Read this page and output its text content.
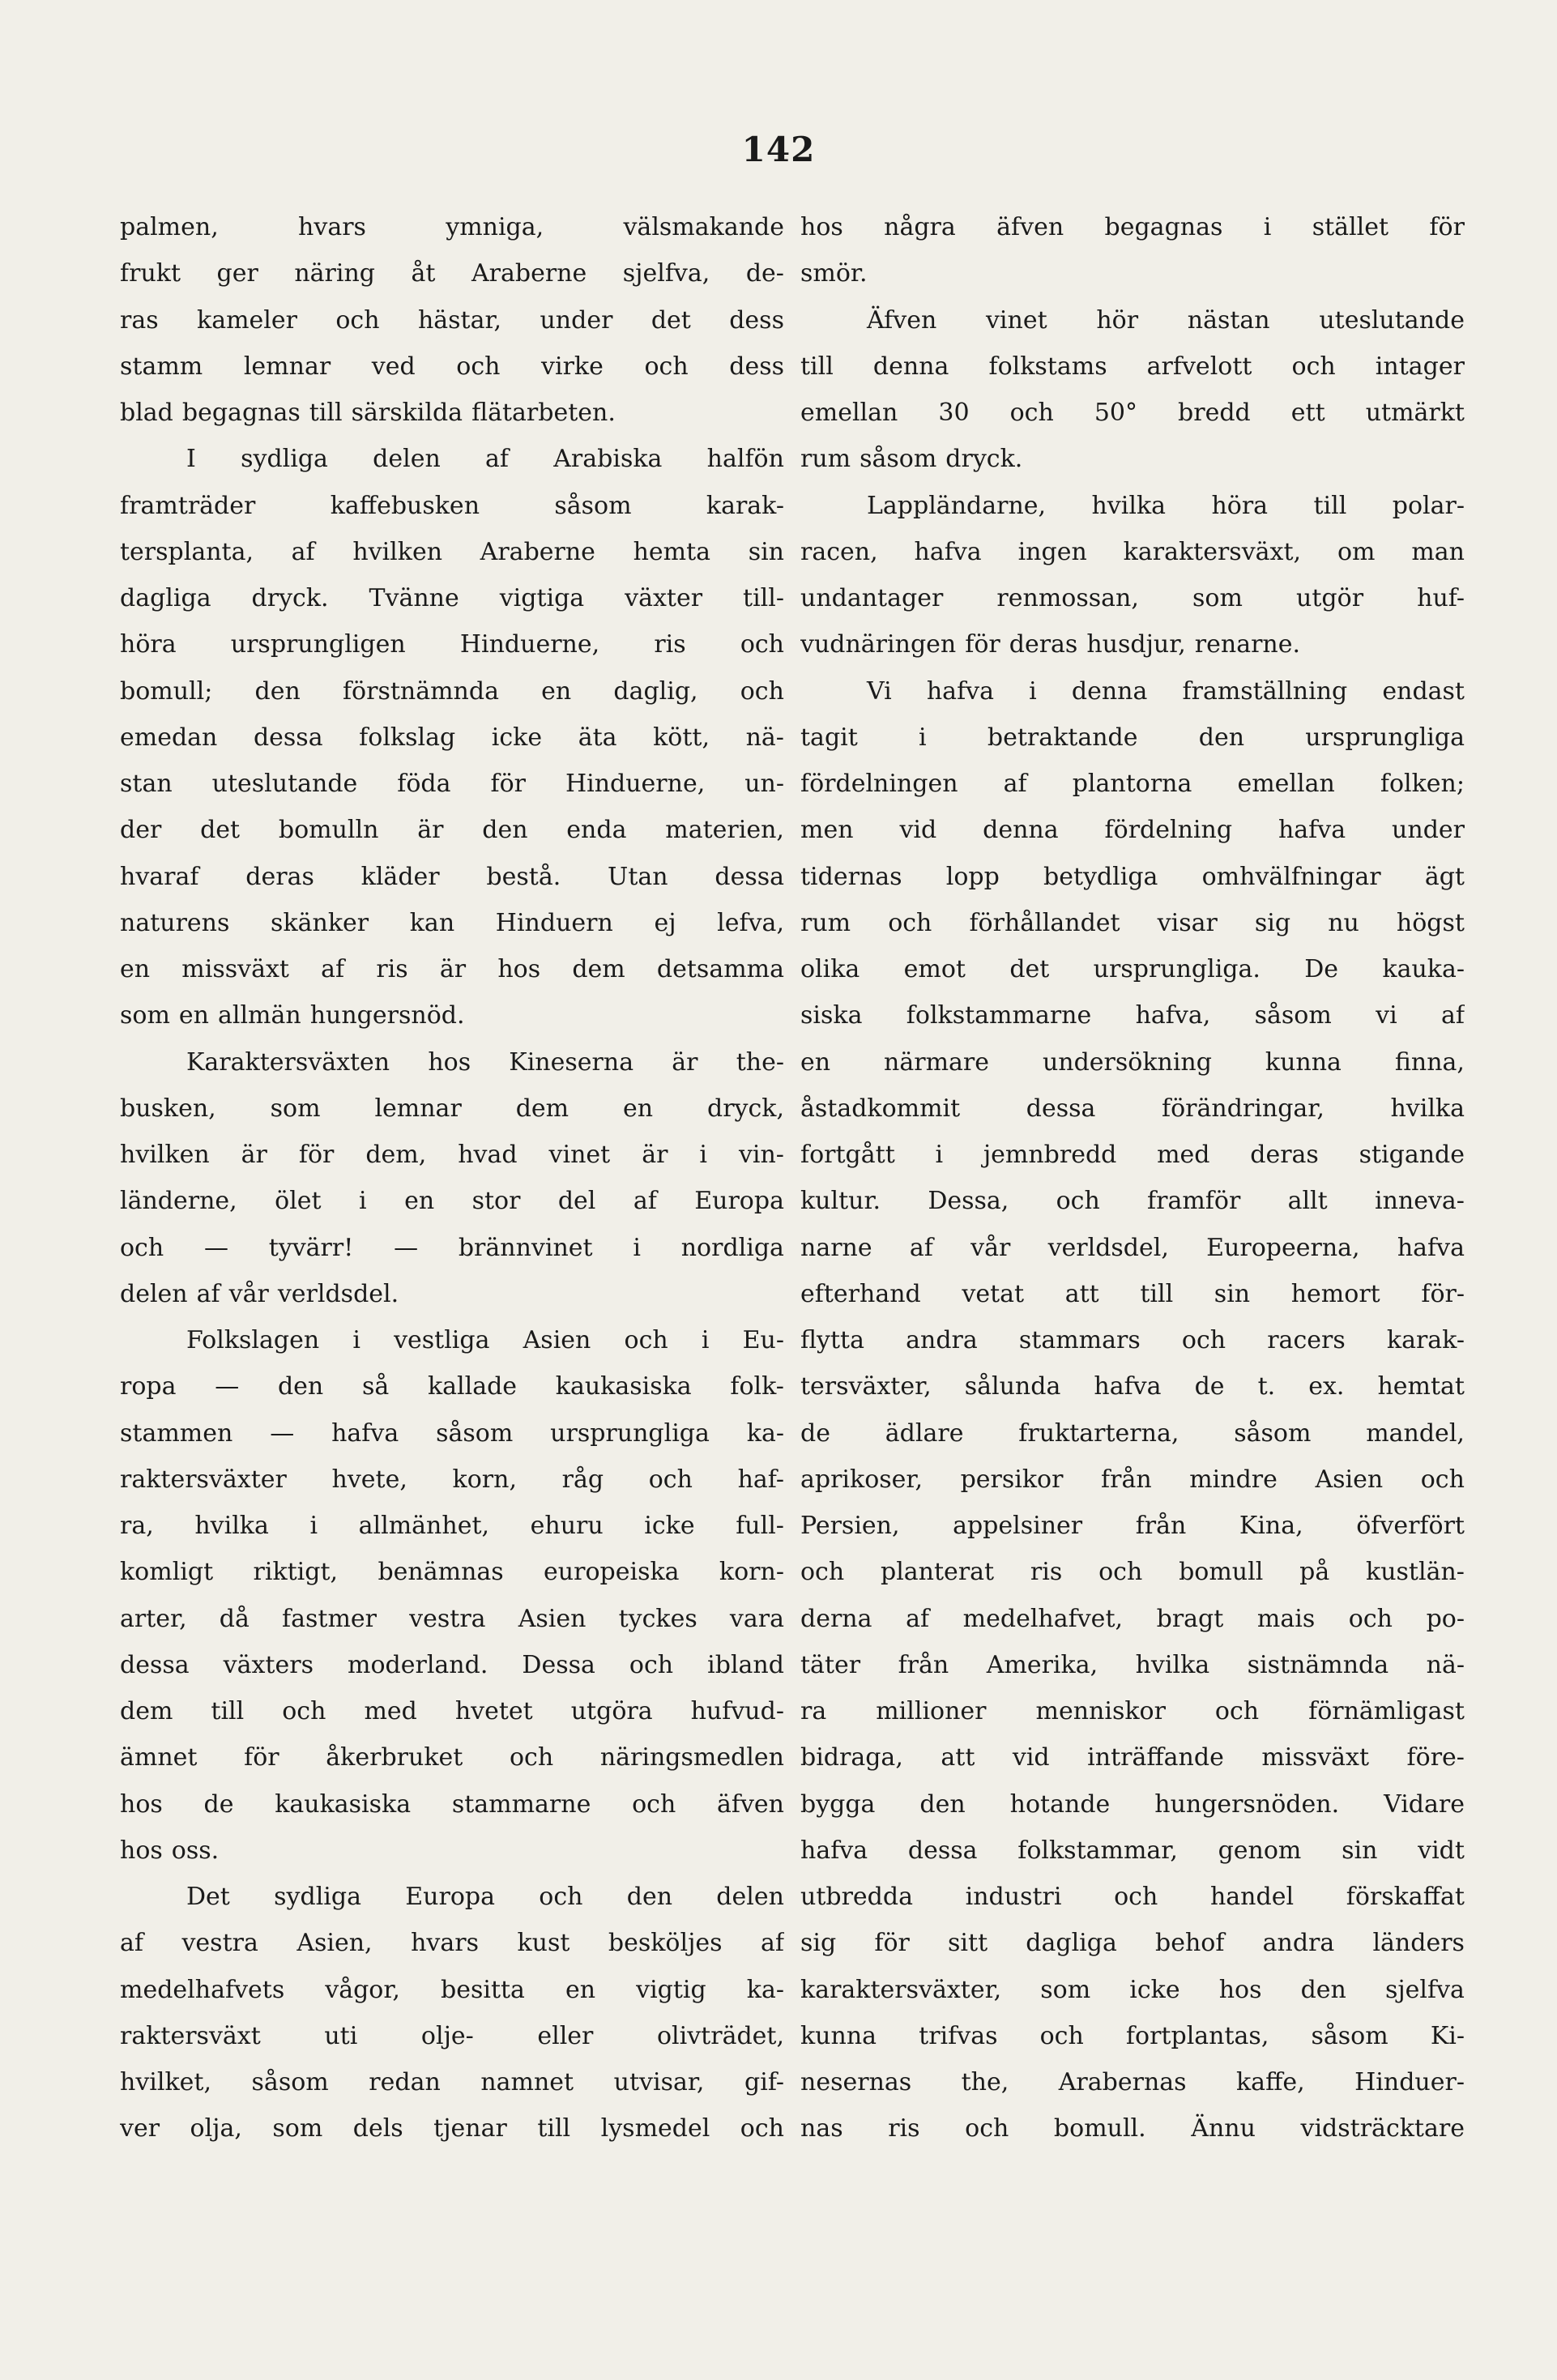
142
palmen,	hvars	ymniga,	välsmakande
frukt ger näring åt Araberne sjelfva, de-
ras kameler och hästar, under det dess
stamm lemnar ved och virke och dess
blad begagnas till särskilda flätarbeten.
I sydliga delen af Arabiska halfön
framträder	kaffebusken	såsom	karak-
tersplanta, af hvilken Araberne hemta sin
dagliga dryck. Tvänne vigtiga växter till-
höra ursprungligen Hinduerne, ris och
bomull; den förstnämnda en daglig, och
emedan dessa folkslag icke äta kött, nä-
stan uteslutande föda för Hinduerne, un-
der det bomulln är den enda materien,
hvaraf deras kläder bestå. Utan dessa
naturens skänker kan Hinduern ej lefva,
en missväxt af ris är hos dem detsamma
som en allmän hungersnöd.
Karaktersväxten hos Kineserna är the-
busken, som lemnar dem en dryck,
hvilken är för dem, hvad vinet är i vin-
länderne, ölet i en stor del af Europa
och — tyvärr! — brännvinet i nordliga
delen af vår verldsdel.
Folkslagen i vestliga Asien och i Eu-
ropa — den så kallade kaukasiska folk-
stammen — hafva såsom ursprungliga ka-
raktersväxter hvete, korn, råg och haf-
ra, hvilka i allmänhet, ehuru icke full-
komligt riktigt, benämnas europeiska korn-
arter, då fastmer vestra Asien tyckes vara
dessa växters moderland. Dessa och ibland
dem till och med hvetet utgöra hufvud-
ämnet för åkerbruket och näringsmedlen
hos de kaukasiska stammarne och äfven
hos oss.
Det sydliga Europa och den delen
af vestra Asien, hvars kust besköljes af
medelhafvets vågor, besitta en vigtig ka-
raktersväxt	uti	olje-	eller	olivträdet,
hvilket, såsom redan namnet utvisar, gif-
ver olja, som dels tjenar till lysmedel och
hos några äfven begagnas i stället för
smör.
Äfven vinet hör nästan uteslutande
till denna folkstams arfvelott och intager
emellan 30 och 50° bredd ett utmärkt
rum såsom dryck.
Lappländarne, hvilka höra till polar-
racen, hafva ingen karaktersväxt, om man
undantager renmossan, som utgör huf-
vudnäringen för deras husdjur, renarne.
Vi hafva i denna framställning endast
tagit	i	betraktande	den	ursprungliga
fördelningen af plantorna emellan folken;
men vid denna fördelning hafva under
tidernas lopp betydliga omhvälfningar ägt
rum och förhållandet visar sig nu högst
olika emot det ursprungliga. De kauka-
siska folkstammarne hafva, såsom vi af
en närmare undersökning kunna finna,
åstadkommit	dessa	förändringar,	hvilka
fortgått i jemnbredd med deras stigande
kultur. Dessa, och framför allt inneva-
narne af vår verldsdel, Europeerna, hafva
efterhand vetat att till sin hemort för-
flytta andra stammars och racers karak-
tersväxter, sålunda hafva de t. ex. hemtat
de ädlare fruktarterna, såsom mandel,
aprikoser, persikor från mindre Asien och
Persien, appelsiner från Kina, öfverfört
och planterat ris och bomull på kustlän-
derna af medelhafvet, bragt mais och po-
täter från Amerika, hvilka sistnämnda nä-
ra millioner menniskor och förnämligast
bidraga, att vid inträffande missväxt före-
bygga den hotande hungersnöden. Vidare
hafva dessa folkstammar, genom sin vidt
utbredda industri och handel förskaffat
sig för sitt dagliga behof andra länders
karaktersväxter, som icke hos den sjelfva
kunna trifvas och fortplantas, såsom Ki-
nesernas the, Arabernas kaffe, Hinduer-
nas ris och bomull. Ännu vidsträcktare
